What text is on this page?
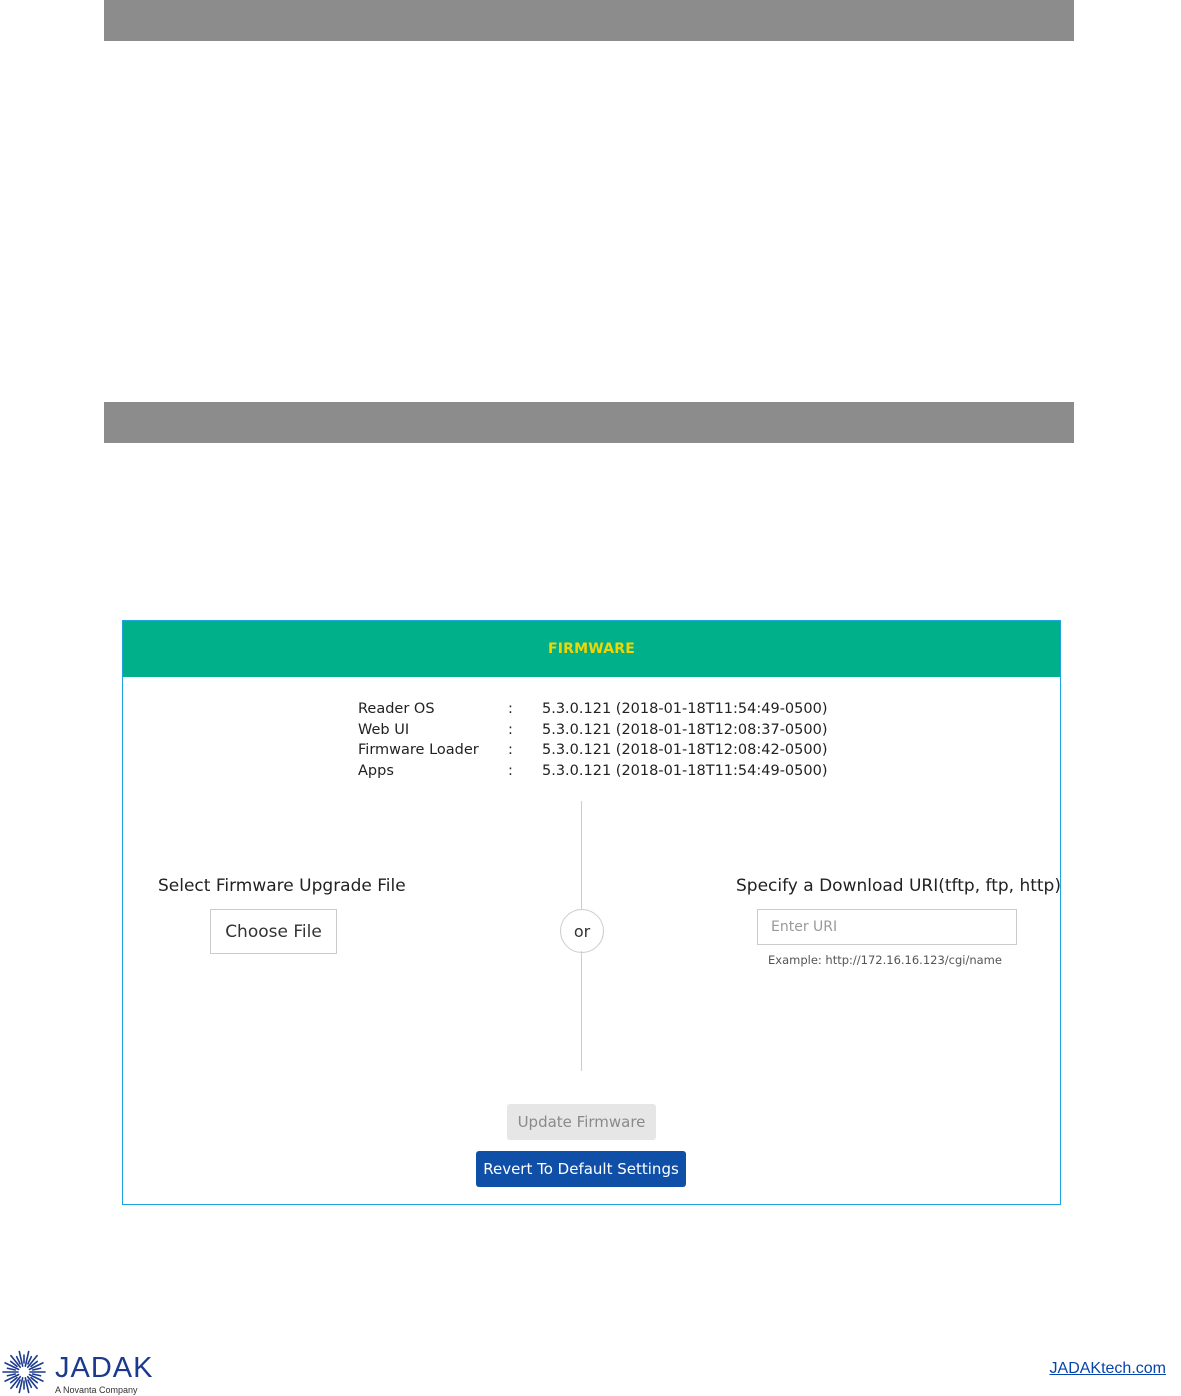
FIRMWARE
Reader OS	:	5.3.0.121 (2018-01-18T11:54:49-0500)
Web UI	:	5.3.0.121 (2018-01-18T12:08:37-0500)
Firmware Loader	:	5.3.0.121 (2018-01-18T12:08:42-0500)
Apps	:	5.3.0.121 (2018-01-18T11:54:49-0500)
or
Select Firmware Upgrade File
Choose File
Specify a Download URI(tftp, ftp, http)
Enter URI
Example: http://172.16.16.123/cgi/name
Update Firmware
Revert To Default Settings
JADAK
A Novanta Company
JADAKtech.com
